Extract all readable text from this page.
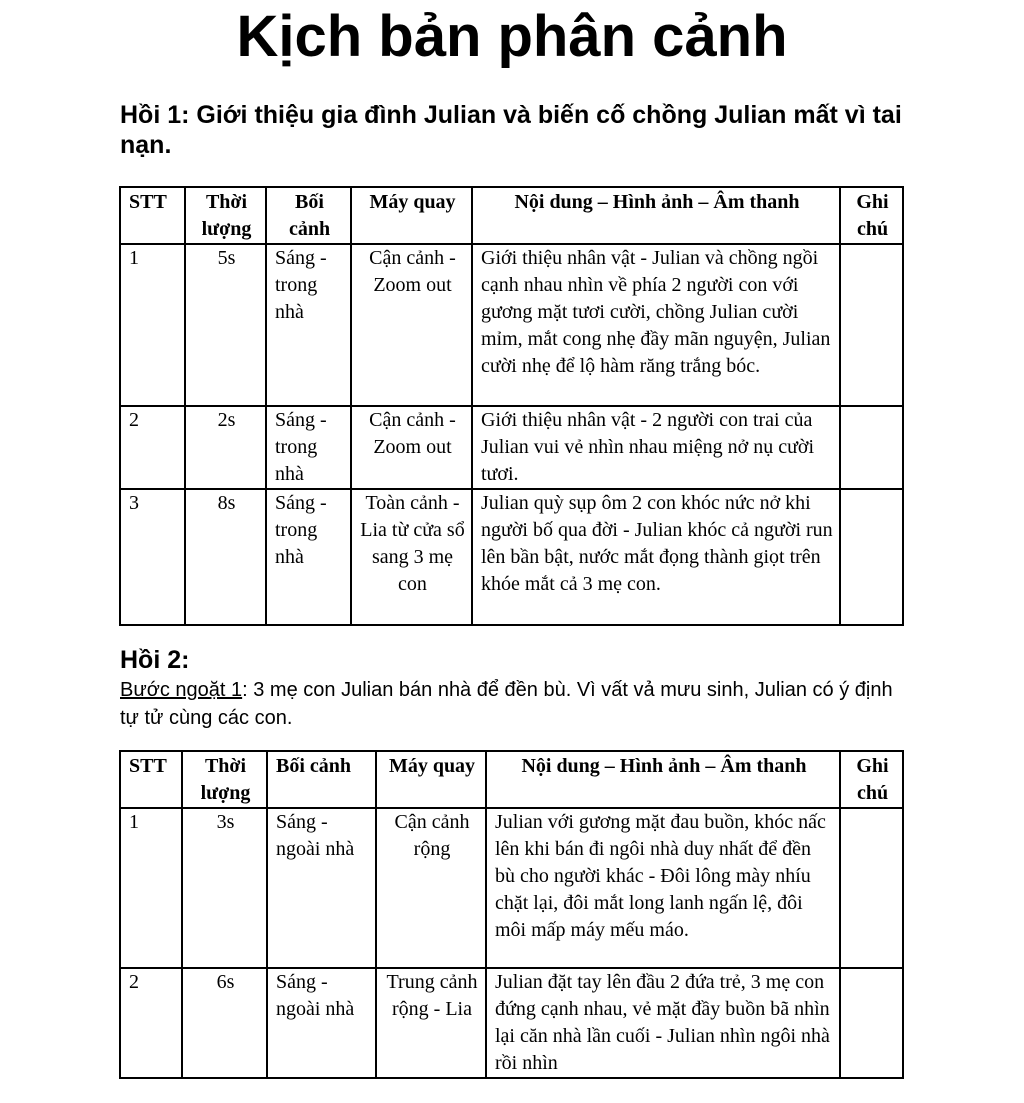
Kịch bản phân cảnh
Hồi 1: Giới thiệu gia đình Julian và biến cố chồng Julian mất vì tai nạn.
STT	Thời lượng	Bối cảnh	Máy quay	Nội dung – Hình ảnh – Âm thanh	Ghi chú
1	5s	Sáng - trong nhà	Cận cảnh - Zoom out	Giới thiệu nhân vật - Julian và chồng ngồi cạnh nhau nhìn về phía 2 người con với gương mặt tươi cười, chồng Julian cười mỉm, mắt cong nhẹ đầy mãn nguyện, Julian cười nhẹ để lộ hàm răng trắng bóc.	
2	2s	Sáng - trong nhà	Cận cảnh - Zoom out	Giới thiệu nhân vật - 2 người con trai của Julian vui vẻ nhìn nhau miệng nở nụ cười tươi.	
3	8s	Sáng - trong nhà	Toàn cảnh - Lia từ cửa sổ sang 3 mẹ con	Julian quỳ sụp ôm 2 con khóc nức nở khi người bố qua đời - Julian khóc cả người run lên bần bật, nước mắt đọng thành giọt trên khóe mắt cả 3 mẹ con.	
Hồi 2:
Bước ngoặt 1: 3 mẹ con Julian bán nhà để đền bù. Vì vất vả mưu sinh, Julian có ý định tự tử cùng các con.
STT	Thời lượng	Bối cảnh	Máy quay	Nội dung – Hình ảnh – Âm thanh	Ghi chú
1	3s	Sáng - ngoài nhà	Cận cảnh rộng	Julian với gương mặt đau buồn, khóc nấc lên khi bán đi ngôi nhà duy nhất để đền bù cho người khác - Đôi lông mày nhíu chặt lại, đôi mắt long lanh ngấn lệ, đôi môi mấp máy mếu máo.	
2	6s	Sáng - ngoài nhà	Trung cảnh rộng - Lia	Julian đặt tay lên đầu 2 đứa trẻ, 3 mẹ con đứng cạnh nhau, vẻ mặt đầy buồn bã nhìn lại căn nhà lần cuối - Julian nhìn ngôi nhà rồi nhìn	
